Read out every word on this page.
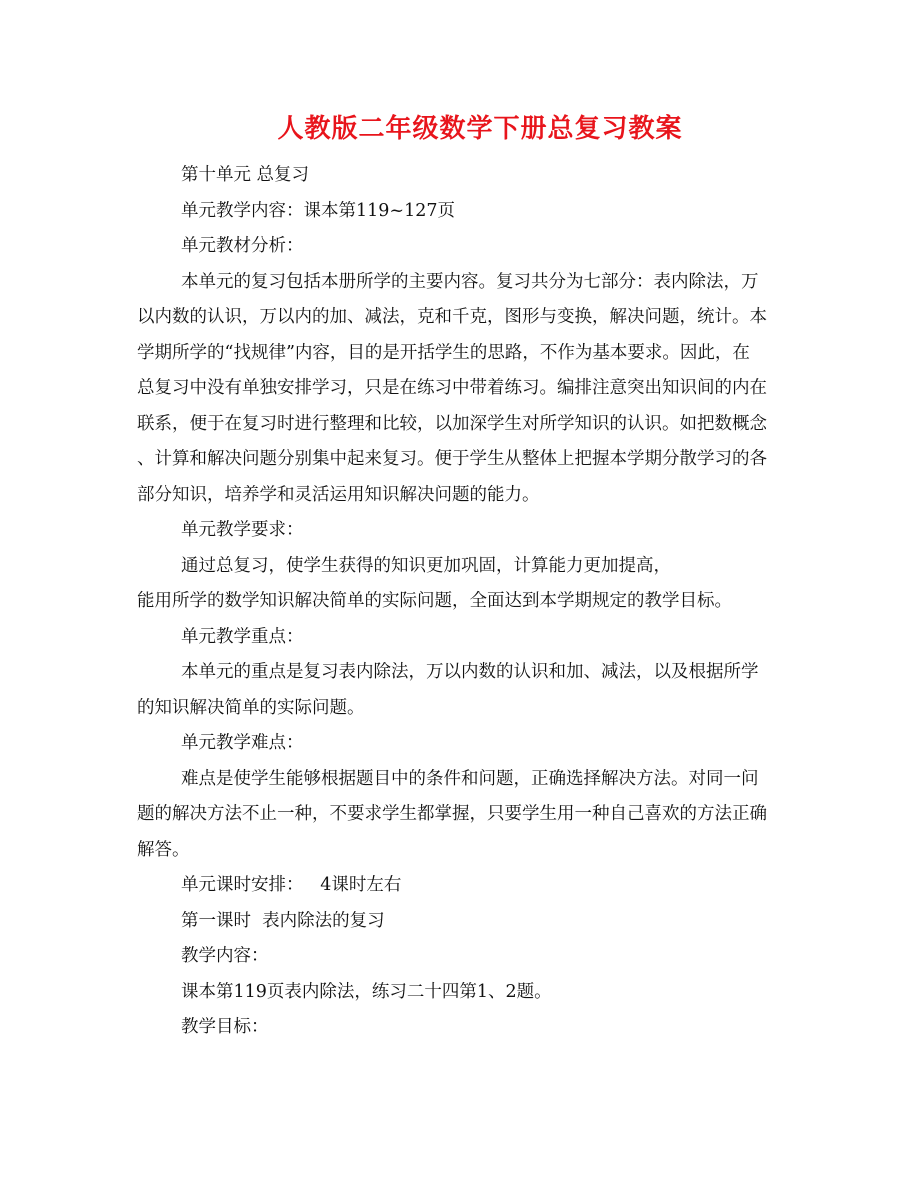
人教版二年级数学下册总复习教案
第十单元 总复习
单元教学内容：课本第119~127页
单元教材分析：
本单元的复习包括本册所学的主要内容。复习共分为七部分：表内除法，万
以内数的认识，万以内的加、减法，克和千克，图形与变换，解决问题，统计。本
学期所学的“找规律”内容，目的是开括学生的思路，不作为基本要求。因此，在
总复习中没有单独安排学习，只是在练习中带着练习。编排注意突出知识间的内在
联系，便于在复习时进行整理和比较，以加深学生对所学知识的认识。如把数概念
、计算和解决问题分别集中起来复习。便于学生从整体上把握本学期分散学习的各
部分知识，培养学和灵活运用知识解决问题的能力。
单元教学要求：
通过总复习，使学生获得的知识更加巩固，计算能力更加提高，
能用所学的数学知识解决简单的实际问题，全面达到本学期规定的教学目标。
单元教学重点：
本单元的重点是复习表内除法，万以内数的认识和加、减法，以及根据所学
的知识解决简单的实际问题。
单元教学难点：
难点是使学生能够根据题目中的条件和问题，正确选择解决方法。对同一问
题的解决方法不止一种，不要求学生都掌握，只要学生用一种自己喜欢的方法正确
解答。
单元课时安排：   4课时左右
第一课时  表内除法的复习
教学内容：
课本第119页表内除法，练习二十四第1、2题。
教学目标：
